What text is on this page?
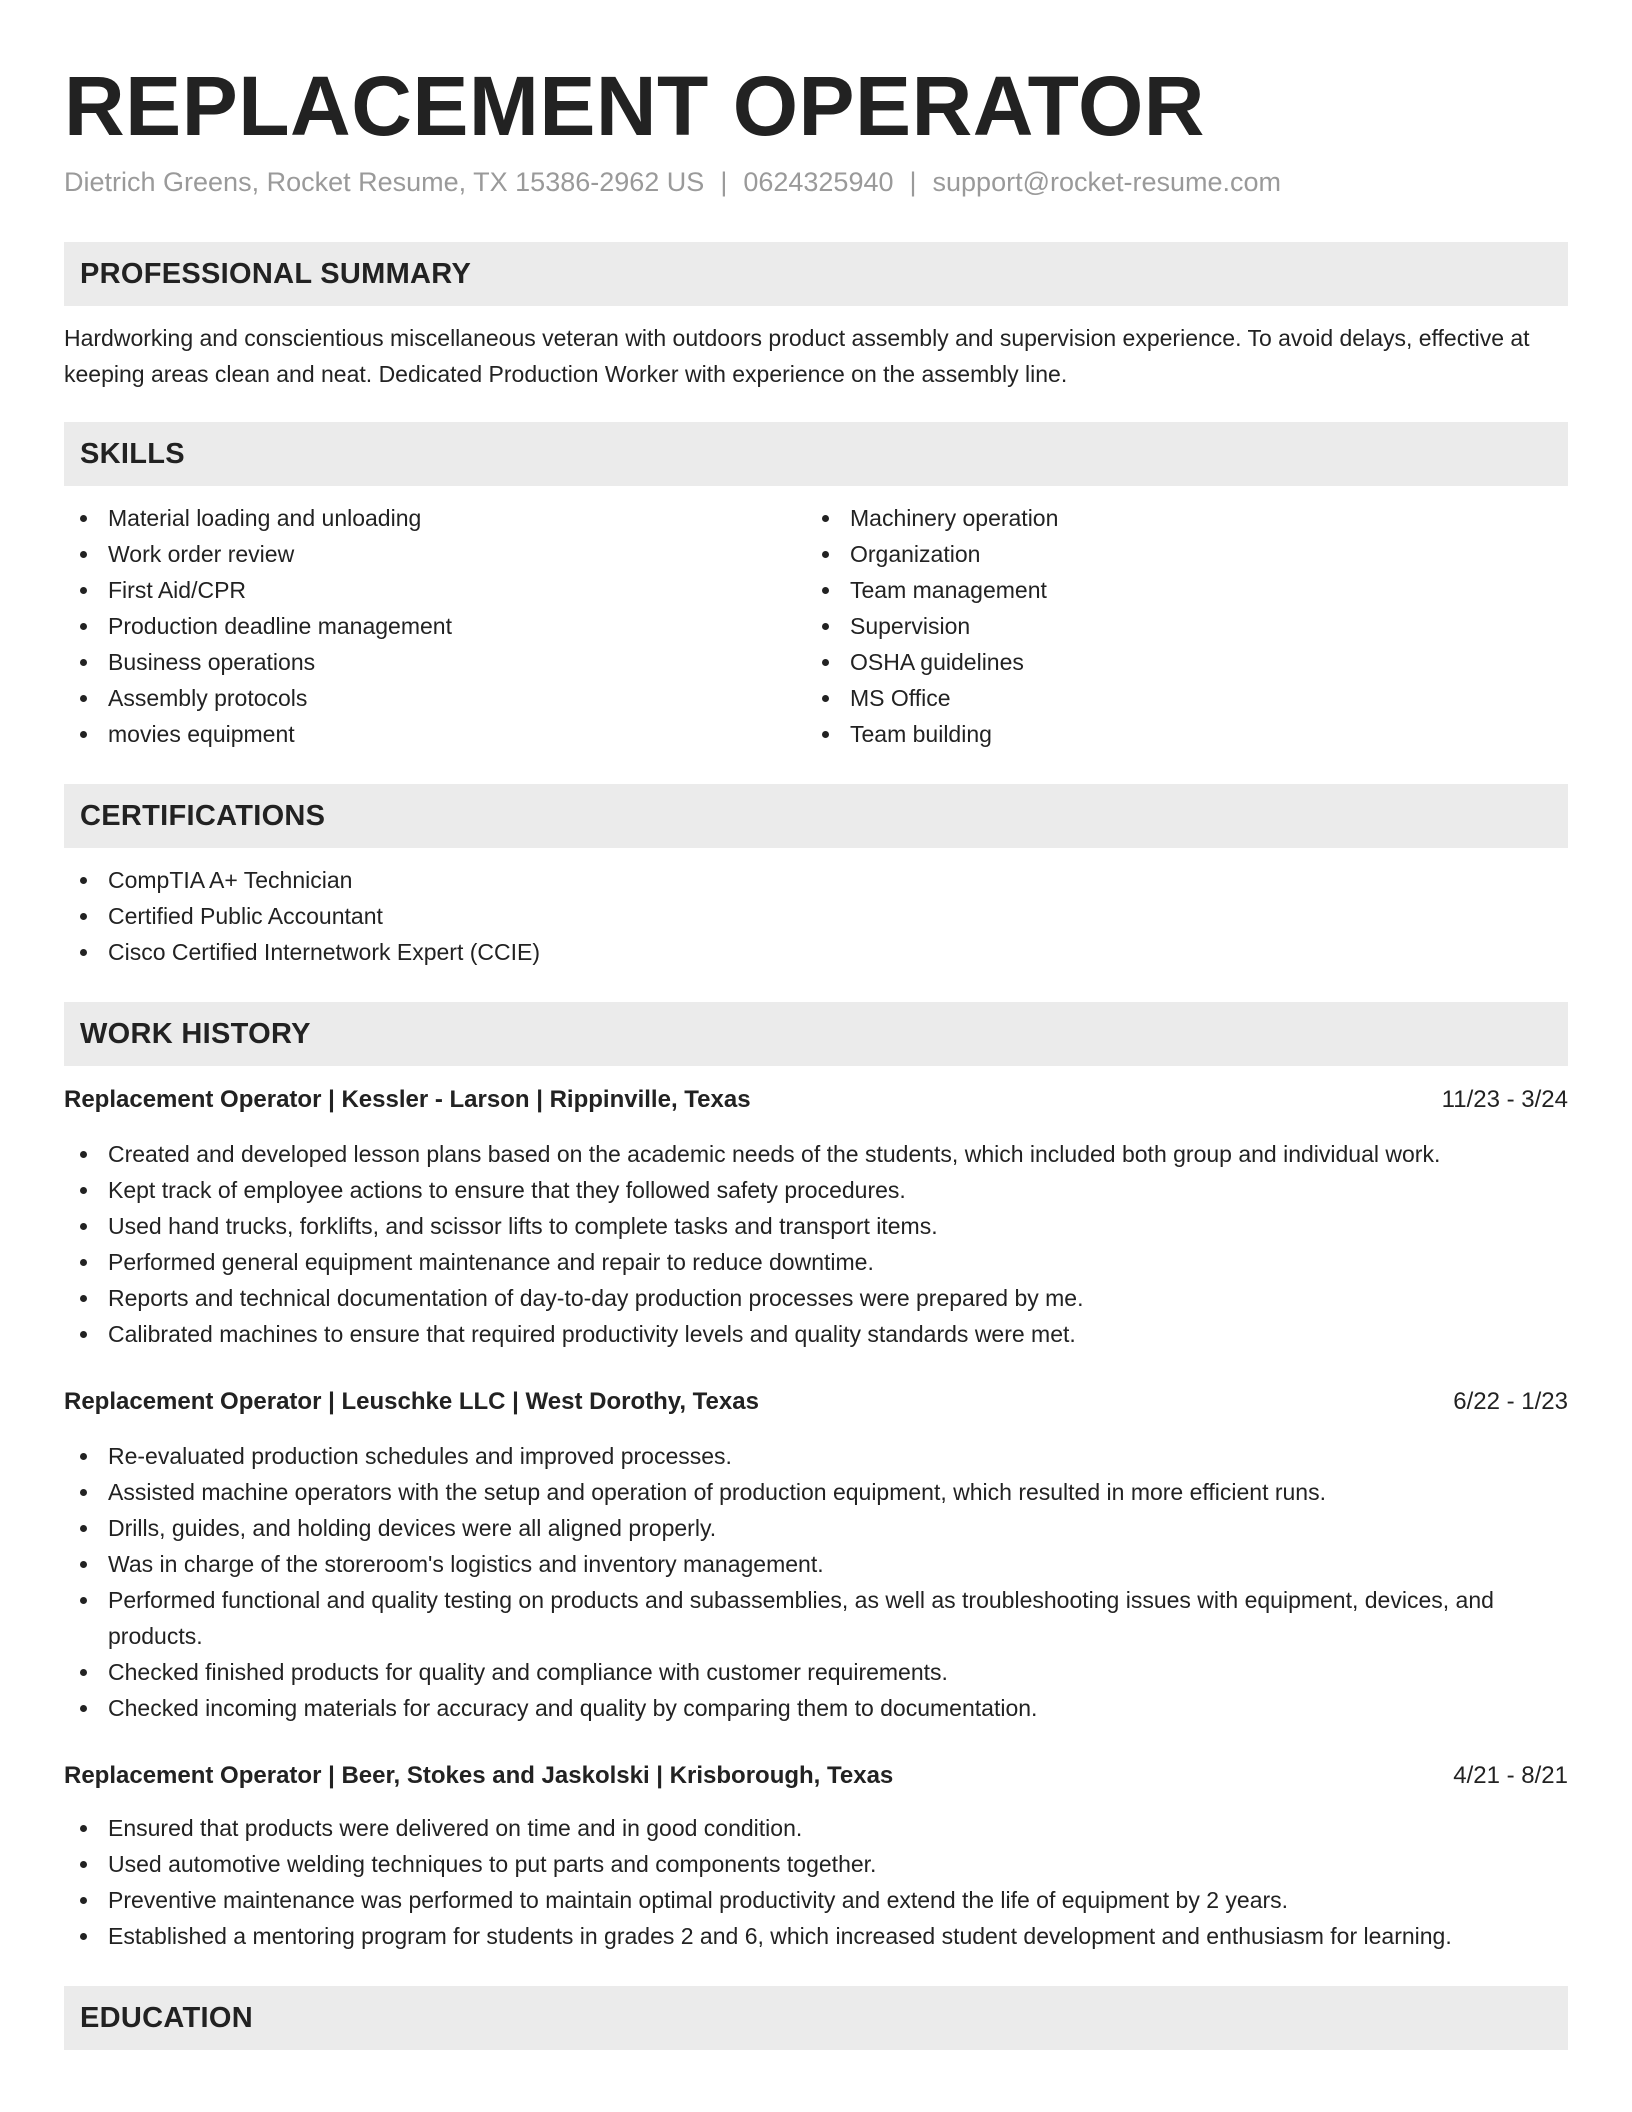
REPLACEMENT OPERATOR
Dietrich Greens, Rocket Resume, TX 15386-2962 US | 0624325940 | support@rocket-resume.com
PROFESSIONAL SUMMARY
Hardworking and conscientious miscellaneous veteran with outdoors product assembly and supervision experience. To avoid delays, effective at keeping areas clean and neat. Dedicated Production Worker with experience on the assembly line.
SKILLS
Material loading and unloading
Work order review
First Aid/CPR
Production deadline management
Business operations
Assembly protocols
movies equipment
Machinery operation
Organization
Team management
Supervision
OSHA guidelines
MS Office
Team building
CERTIFICATIONS
CompTIA A+ Technician
Certified Public Accountant
Cisco Certified Internetwork Expert (CCIE)
WORK HISTORY
Replacement Operator | Kessler - Larson | Rippinville, Texas	11/23 - 3/24
Created and developed lesson plans based on the academic needs of the students, which included both group and individual work.
Kept track of employee actions to ensure that they followed safety procedures.
Used hand trucks, forklifts, and scissor lifts to complete tasks and transport items.
Performed general equipment maintenance and repair to reduce downtime.
Reports and technical documentation of day-to-day production processes were prepared by me.
Calibrated machines to ensure that required productivity levels and quality standards were met.
Replacement Operator | Leuschke LLC | West Dorothy, Texas	6/22 - 1/23
Re-evaluated production schedules and improved processes.
Assisted machine operators with the setup and operation of production equipment, which resulted in more efficient runs.
Drills, guides, and holding devices were all aligned properly.
Was in charge of the storeroom's logistics and inventory management.
Performed functional and quality testing on products and subassemblies, as well as troubleshooting issues with equipment, devices, and products.
Checked finished products for quality and compliance with customer requirements.
Checked incoming materials for accuracy and quality by comparing them to documentation.
Replacement Operator | Beer, Stokes and Jaskolski | Krisborough, Texas	4/21 - 8/21
Ensured that products were delivered on time and in good condition.
Used automotive welding techniques to put parts and components together.
Preventive maintenance was performed to maintain optimal productivity and extend the life of equipment by 2 years.
Established a mentoring program for students in grades 2 and 6, which increased student development and enthusiasm for learning.
EDUCATION
